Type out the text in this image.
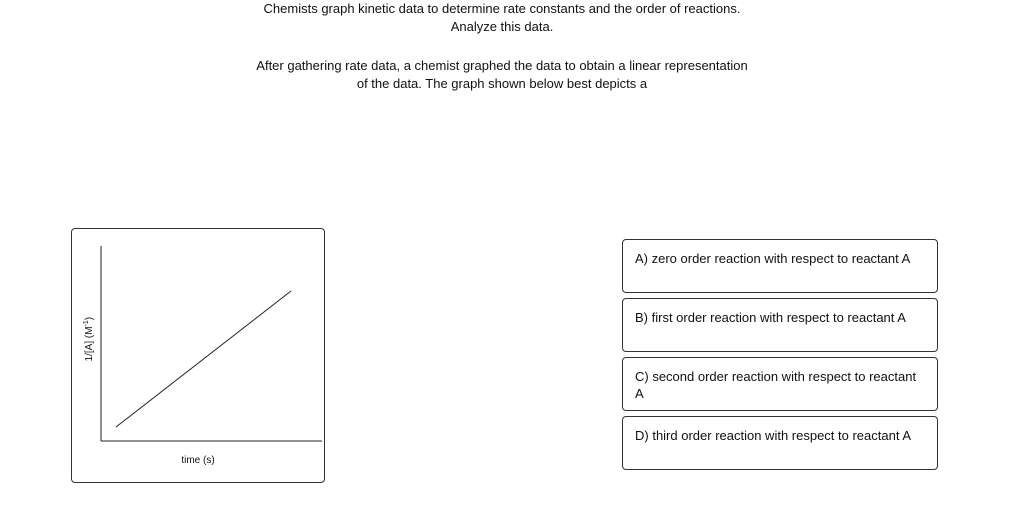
Chemists graph kinetic data to determine rate constants and the order of reactions. Analyze this data.
After gathering rate data, a chemist graphed the data to obtain a linear representation of the data. The graph shown below best depicts a
1/[A] $(M^{-1})$
time (s)
A) zero order reaction with respect to reactant A
B) first order reaction with respect to reactant A
C) second order reaction with respect to reactant A
D) third order reaction with respect to reactant A
